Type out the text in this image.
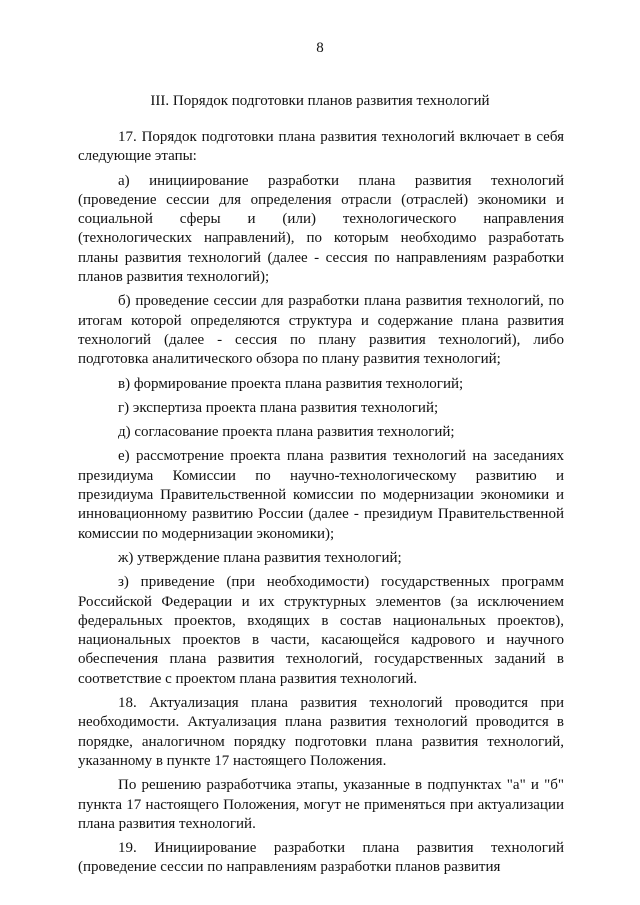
8
III. Порядок подготовки планов развития технологий

17. Порядок подготовки плана развития технологий включает в себя следующие этапы:

а) инициирование разработки плана развития технологий (проведение сессии для определения отрасли (отраслей) экономики и социальной сферы и (или) технологического направления (технологических направлений), по которым необходимо разработать планы развития технологий (далее - сессия по направлениям разработки планов развития технологий);

б) проведение сессии для разработки плана развития технологий, по итогам которой определяются структура и содержание плана развития технологий (далее - сессия по плану развития технологий), либо подготовка аналитического обзора по плану развития технологий;

в) формирование проекта плана развития технологий;

г) экспертиза проекта плана развития технологий;

д) согласование проекта плана развития технологий;

е) рассмотрение проекта плана развития технологий на заседаниях президиума Комиссии по научно-технологическому развитию и президиума Правительственной комиссии по модернизации экономики и инновационному развитию России (далее - президиум Правительственной комиссии по модернизации экономики);

ж) утверждение плана развития технологий;

з) приведение (при необходимости) государственных программ Российской Федерации и их структурных элементов (за исключением федеральных проектов, входящих в состав национальных проектов), национальных проектов в части, касающейся кадрового и научного обеспечения плана развития технологий, государственных заданий в соответствие с проектом плана развития технологий.

18. Актуализация плана развития технологий проводится при необходимости. Актуализация плана развития технологий проводится в порядке, аналогичном порядку подготовки плана развития технологий, указанному в пункте 17 настоящего Положения.

По решению разработчика этапы, указанные в подпунктах "а" и "б" пункта 17 настоящего Положения, могут не применяться при актуализации плана развития технологий.

19. Инициирование разработки плана развития технологий (проведение сессии по направлениям разработки планов развития
